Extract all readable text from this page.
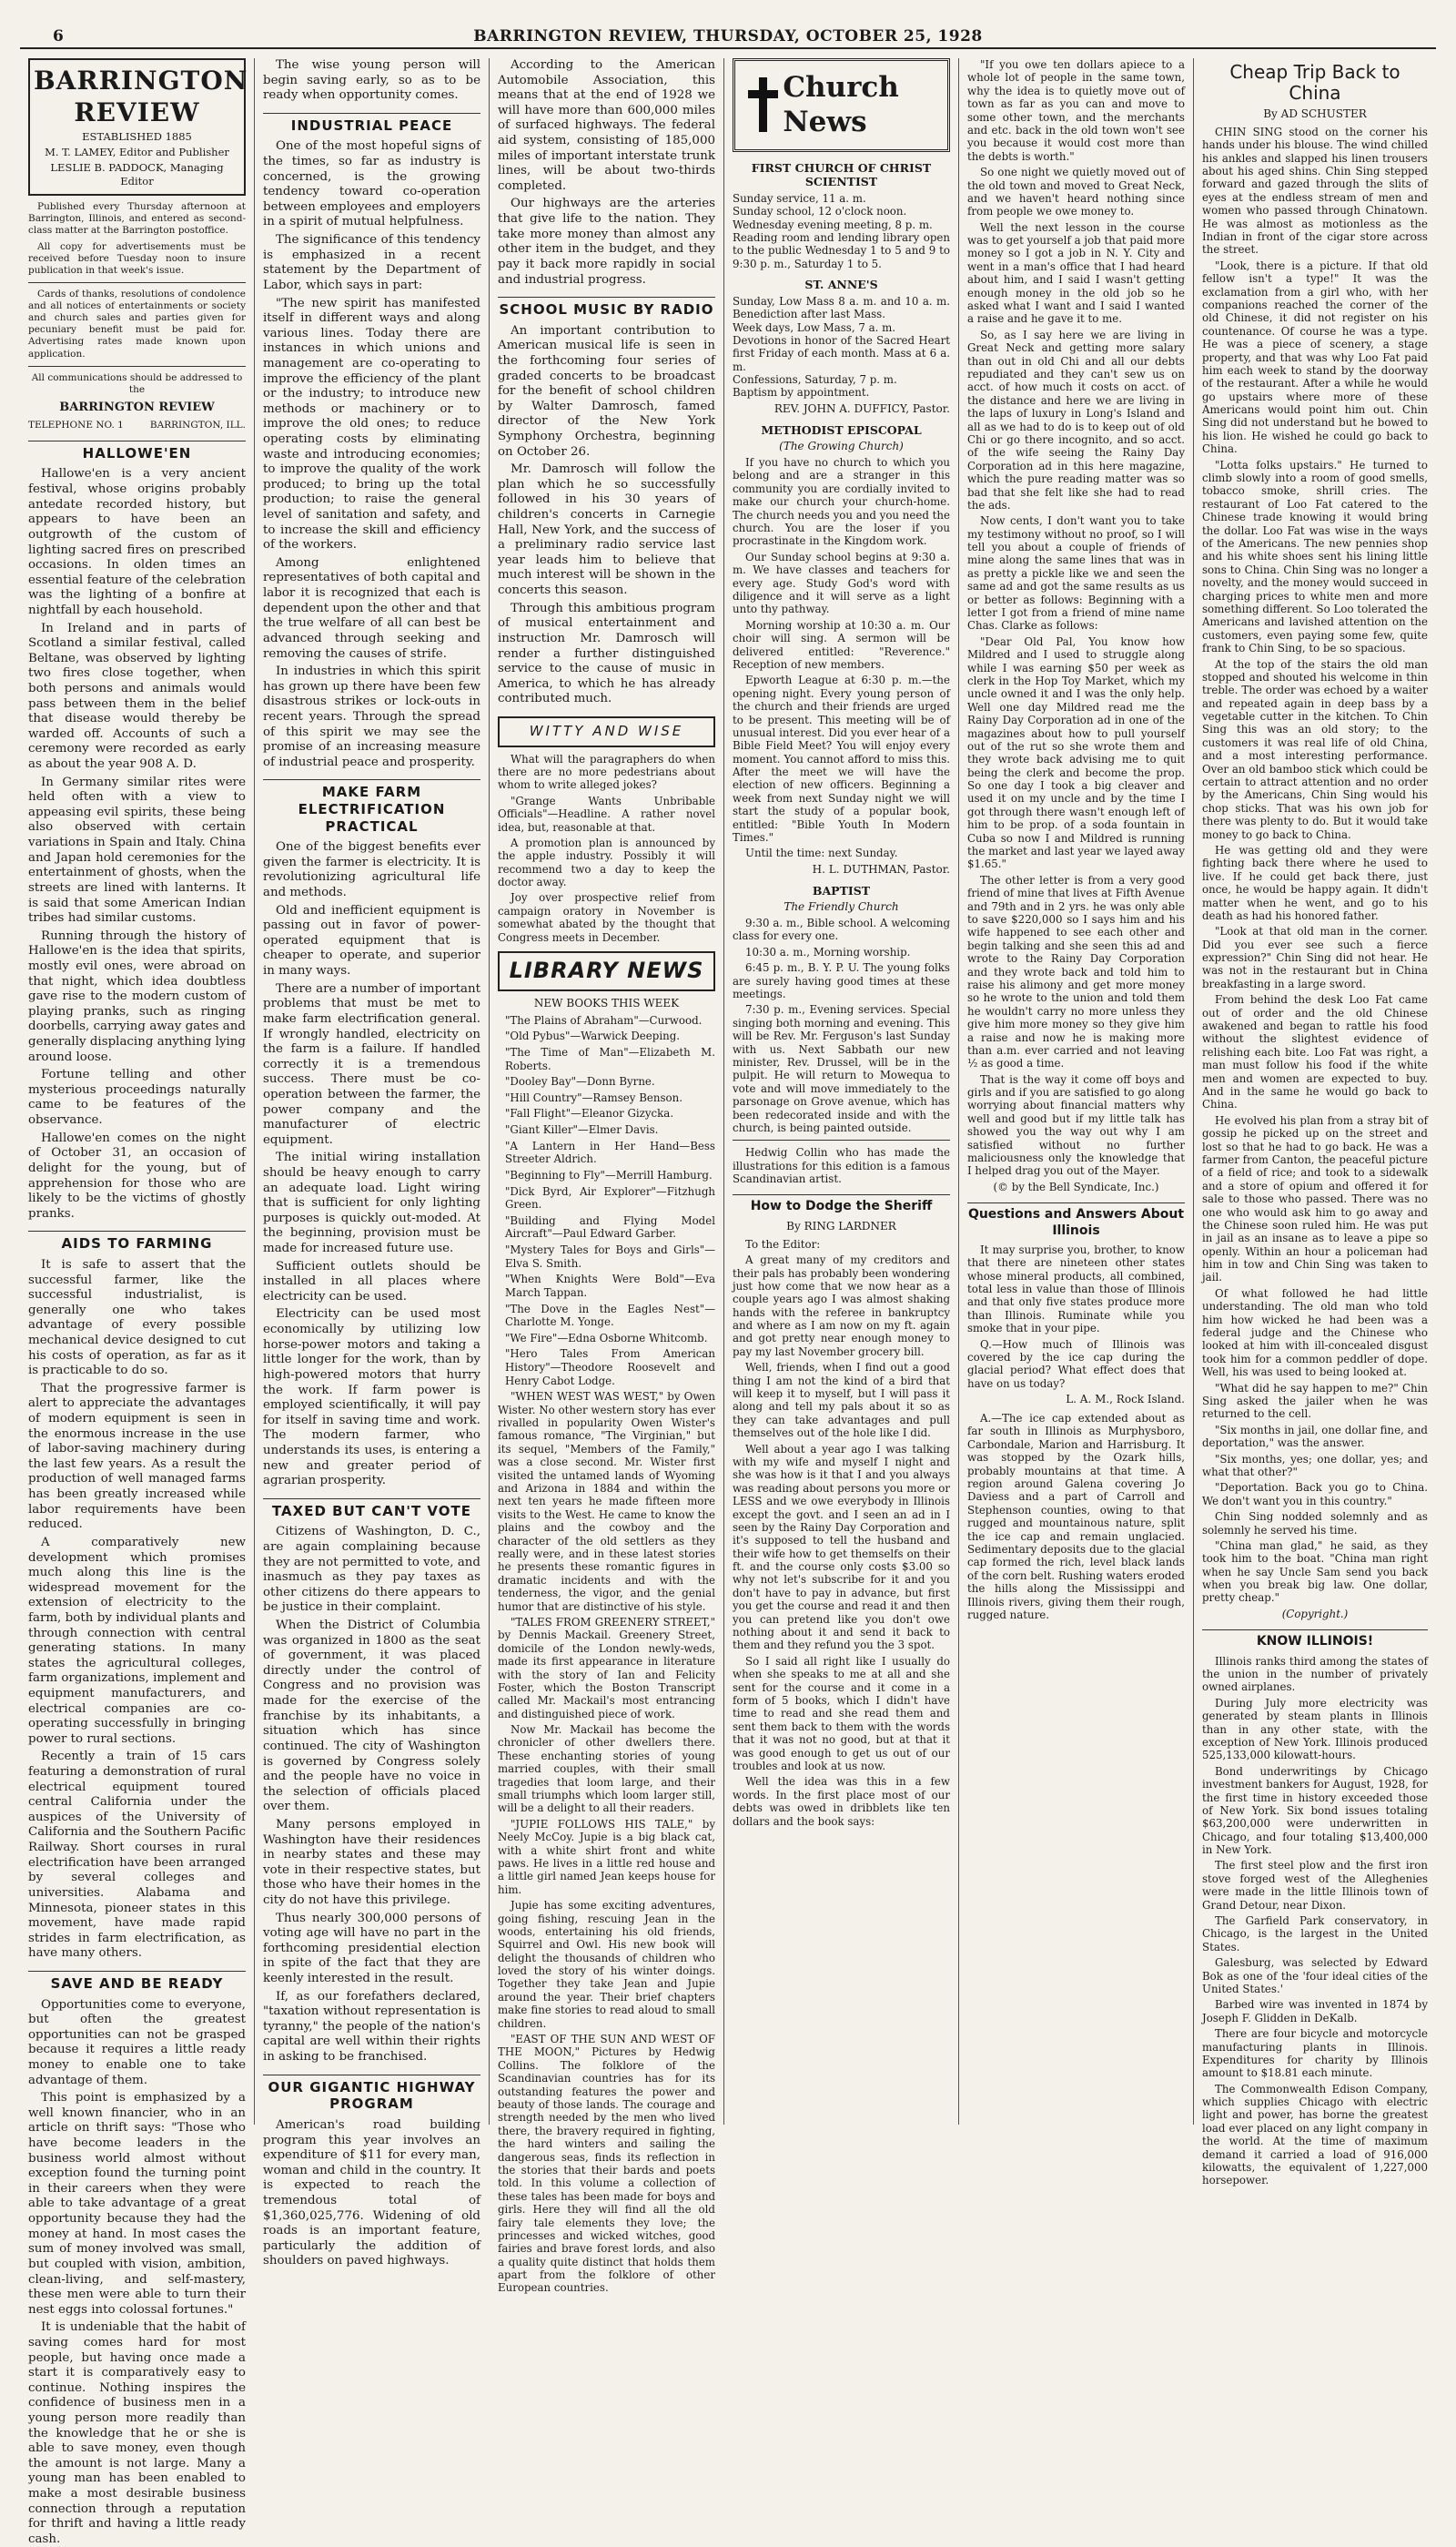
6	BARRINGTON REVIEW, THURSDAY, OCTOBER 25, 1928
BARRINGTON REVIEW
ESTABLISHED 1885
M. T. LAMEY, Editor and Publisher
LESLIE B. PADDOCK, Managing Editor

Published every Thursday afternoon at Barrington, Illinois, and entered as second-class matter at the Barrington postoffice.

All copy for advertisements must be received before Tuesday noon to insure publication in that week's issue.

Cards of thanks, resolutions of condolence and all notices of entertainments or society and church sales and parties given for pecuniary benefit must be paid for. Advertising rates made known upon application.

All communications should be addressed to the
BARRINGTON REVIEW
TELEPHONE NO. 1	BARRINGTON, ILL.
HALLOWE'EN

Hallowe'en is a very ancient festival, whose origins probably antedate recorded history, but appears to have been an outgrowth of the custom of lighting sacred fires on prescribed occasions. In olden times an essential feature of the celebration was the lighting of a bonfire at nightfall by each household.

In Ireland and in parts of Scotland a similar festival, called Beltane, was observed by lighting two fires close together, when both persons and animals would pass between them in the belief that disease would thereby be warded off. Accounts of such a ceremony were recorded as early as about the year 908 A. D.

In Germany similar rites were held often with a view to appeasing evil spirits, these being also observed with certain variations in Spain and Italy. China and Japan hold ceremonies for the entertainment of ghosts, when the streets are lined with lanterns. It is said that some American Indian tribes had similar customs.

Running through the history of Hallowe'en is the idea that spirits, mostly evil ones, were abroad on that night, which idea doubtless gave rise to the modern custom of playing pranks, such as ringing doorbells, carrying away gates and generally displacing anything lying around loose.

Fortune telling and other mysterious proceedings naturally came to be features of the observance.

Hallowe'en comes on the night of October 31, an occasion of delight for the young, but of apprehension for those who are likely to be the victims of ghostly pranks.

AIDS TO FARMING

It is safe to assert that the successful farmer, like the successful industrialist, is generally one who takes advantage of every possible mechanical device designed to cut his costs of operation, as far as it is practicable to do so.

That the progressive farmer is alert to appreciate the advantages of modern equipment is seen in the enormous increase in the use of labor-saving machinery during the last few years. As a result the production of well managed farms has been greatly increased while labor requirements have been reduced.

A comparatively new development which promises much along this line is the widespread movement for the extension of electricity to the farm, both by individual plants and through connection with central generating stations. In many states the agricultural colleges, farm organizations, implement and equipment manufacturers, and electrical companies are co-operating successfully in bringing power to rural sections.

Recently a train of 15 cars featuring a demonstration of rural electrical equipment toured central California under the auspices of the University of California and the Southern Pacific Railway. Short courses in rural electrification have been arranged by several colleges and universities. Alabama and Minnesota, pioneer states in this movement, have made rapid strides in farm electrification, as have many others.

SAVE AND BE READY

Opportunities come to everyone, but often the greatest opportunities can not be grasped because it requires a little ready money to enable one to take advantage of them.

This point is emphasized by a well known financier, who in an article on thrift says: "Those who have become leaders in the business world almost without exception found the turning point in their careers when they were able to take advantage of a great opportunity because they had the money at hand. In most cases the sum of money involved was small, but coupled with vision, ambition, clean-living, and self-mastery, these men were able to turn their nest eggs into colossal fortunes."

It is undeniable that the habit of saving comes hard for most people, but having once made a start it is comparatively easy to continue. Nothing inspires the confidence of business men in a young person more readily than the knowledge that he or she is able to save money, even though the amount is not large. Many a young man has been enabled to make a most desirable business connection through a reputation for thrift and having a little ready cash.

The wise young person will begin saving early, so as to be ready when opportunity comes.

INDUSTRIAL PEACE

One of the most hopeful signs of the times, so far as industry is concerned, is the growing tendency toward co-operation between employees and employers in a spirit of mutual helpfulness.

The significance of this tendency is emphasized in a recent statement by the Department of Labor, which says in part:

"The new spirit has manifested itself in different ways and along various lines. Today there are instances in which unions and management are co-operating to improve the efficiency of the plant or the industry; to introduce new methods or machinery or to improve the old ones; to reduce operating costs by eliminating waste and introducing economies; to improve the quality of the work produced; to bring up the total production; to raise the general level of sanitation and safety, and to increase the skill and efficiency of the workers.

Among enlightened representatives of both capital and labor it is recognized that each is dependent upon the other and that the true welfare of all can best be advanced through seeking and removing the causes of strife.

In industries in which this spirit has grown up there have been few disastrous strikes or lock-outs in recent years. Through the spread of this spirit we may see the promise of an increasing measure of industrial peace and prosperity.

MAKE FARM ELECTRIFICATION PRACTICAL

One of the biggest benefits ever given the farmer is electricity. It is revolutionizing agricultural life and methods.

Old and inefficient equipment is passing out in favor of power-operated equipment that is cheaper to operate, and superior in many ways.

There are a number of important problems that must be met to make farm electrification general. If wrongly handled, electricity on the farm is a failure. If handled correctly it is a tremendous success. There must be co-operation between the farmer, the power company and the manufacturer of electric equipment.

The initial wiring installation should be heavy enough to carry an adequate load. Light wiring that is sufficient for only lighting purposes is quickly out-moded. At the beginning, provision must be made for increased future use.

Sufficient outlets should be installed in all places where electricity can be used.

Electricity can be used most economically by utilizing low horse-power motors and taking a little longer for the work, than by high-powered motors that hurry the work. If farm power is employed scientifically, it will pay for itself in saving time and work. The modern farmer, who understands its uses, is entering a new and greater period of agrarian prosperity.

TAXED BUT CAN'T VOTE

Citizens of Washington, D. C., are again complaining because they are not permitted to vote, and inasmuch as they pay taxes as other citizens do there appears to be justice in their complaint.

When the District of Columbia was organized in 1800 as the seat of government, it was placed directly under the control of Congress and no provision was made for the exercise of the franchise by its inhabitants, a situation which has since continued. The city of Washington is governed by Congress solely and the people have no voice in the selection of officials placed over them.

Many persons employed in Washington have their residences in nearby states and these may vote in their respective states, but those who have their homes in the city do not have this privilege.

Thus nearly 300,000 persons of voting age will have no part in the forthcoming presidential election in spite of the fact that they are keenly interested in the result.

If, as our forefathers declared, "taxation without representation is tyranny," the people of the nation's capital are well within their rights in asking to be franchised.

OUR GIGANTIC HIGHWAY PROGRAM

American's road building program this year involves an expenditure of $11 for every man, woman and child in the country. It is expected to reach the tremendous total of $1,360,025,776. Widening of old roads is an important feature, particularly the addition of shoulders on paved highways.

According to the American Automobile Association, this means that at the end of 1928 we will have more than 600,000 miles of surfaced highways. The federal aid system, consisting of 185,000 miles of important interstate trunk lines, will be about two-thirds completed.

Our highways are the arteries that give life to the nation. They take more money than almost any other item in the budget, and they pay it back more rapidly in social and industrial progress.

SCHOOL MUSIC BY RADIO

An important contribution to American musical life is seen in the forthcoming four series of graded concerts to be broadcast for the benefit of school children by Walter Damrosch, famed director of the New York Symphony Orchestra, beginning on October 26.

Mr. Damrosch will follow the plan which he so successfully followed in his 30 years of children's concerts in Carnegie Hall, New York, and the success of a preliminary radio service last year leads him to believe that much interest will be shown in the concerts this season.

Through this ambitious program of musical entertainment and instruction Mr. Damrosch will render a further distinguished service to the cause of music in America, to which he has already contributed much.

WITTY AND WISE

What will the paragraphers do when there are no more pedestrians about whom to write alleged jokes?

"Grange Wants Unbribable Officials"—Headline. A rather novel idea, but, reasonable at that.

A promotion plan is announced by the apple industry. Possibly it will recommend two a day to keep the doctor away.

Joy over prospective relief from campaign oratory in November is somewhat abated by the thought that Congress meets in December.

LIBRARY NEWS
NEW BOOKS THIS WEEK

"The Plains of Abraham"—Curwood.

"Old Pybus"—Warwick Deeping.

"The Time of Man"—Elizabeth M. Roberts.

"Dooley Bay"—Donn Byrne.

"Hill Country"—Ramsey Benson.

"Fall Flight"—Eleanor Gizycka.

"Giant Killer"—Elmer Davis.

"A Lantern in Her Hand—Bess Streeter Aldrich.

"Beginning to Fly"—Merrill Hamburg.

"Dick Byrd, Air Explorer"—Fitzhugh Green.

"Building and Flying Model Aircraft"—Paul Edward Garber.

"Mystery Tales for Boys and Girls"—Elva S. Smith.

"When Knights Were Bold"—Eva March Tappan.

"The Dove in the Eagles Nest"—Charlotte M. Yonge.

"We Fire"—Edna Osborne Whitcomb.

"Hero Tales From American History"—Theodore Roosevelt and Henry Cabot Lodge.

"WHEN WEST WAS WEST," by Owen Wister. No other western story has ever rivalled in popularity Owen Wister's famous romance, "The Virginian," but its sequel, "Members of the Family," was a close second. Mr. Wister first visited the untamed lands of Wyoming and Arizona in 1884 and within the next ten years he made fifteen more visits to the West. He came to know the plains and the cowboy and the character of the old settlers as they really were, and in these latest stories he presents these romantic figures in dramatic incidents and with the tenderness, the vigor, and the genial humor that are distinctive of his style.

"TALES FROM GREENERY STREET," by Dennis Mackail. Greenery Street, domicile of the London newly-weds, made its first appearance in literature with the story of Ian and Felicity Foster, which the Boston Transcript called Mr. Mackail's most entrancing and distinguished piece of work.

Now Mr. Mackail has become the chronicler of other dwellers there. These enchanting stories of young married couples, with their small tragedies that loom large, and their small triumphs which loom larger still, will be a delight to all their readers.

"JUPIE FOLLOWS HIS TALE," by Neely McCoy. Jupie is a big black cat, with a white shirt front and white paws. He lives in a little red house and a little girl named Jean keeps house for him.

Jupie has some exciting adventures, going fishing, rescuing Jean in the woods, entertaining his old friends, Squirrel and Owl. His new book will delight the thousands of children who loved the story of his winter doings. Together they take Jean and Jupie around the year. Their brief chapters make fine stories to read aloud to small children.

"EAST OF THE SUN AND WEST OF THE MOON," Pictures by Hedwig Collins. The folklore of the Scandinavian countries has for its outstanding features the power and beauty of those lands. The courage and strength needed by the men who lived there, the bravery required in fighting, the hard winters and sailing the dangerous seas, finds its reflection in the stories that their bards and poets told. In this volume a collection of these tales has been made for boys and girls. Here they will find all the old fairy tale elements they love; the princesses and wicked witches, good fairies and brave forest lords, and also a quality quite distinct that holds them apart from the folklore of other European countries.

Church News
FIRST CHURCH OF CHRIST SCIENTIST

Sunday service, 11 a. m.
Sunday school, 12 o'clock noon.
Wednesday evening meeting, 8 p. m.
Reading room and lending library open to the public Wednesday 1 to 5 and 9 to 9:30 p. m., Saturday 1 to 5.

ST. ANNE'S

Sunday, Low Mass 8 a. m. and 10 a. m. Benediction after last Mass.
Week days, Low Mass, 7 a. m.
Devotions in honor of the Sacred Heart first Friday of each month. Mass at 6 a. m.
Confessions, Saturday, 7 p. m.
Baptism by appointment.

REV. JOHN A. DUFFICY, Pastor.
METHODIST EPISCOPAL
(The Growing Church)

If you have no church to which you belong and are a stranger in this community you are cordially invited to make our church your church-home. The church needs you and you need the church. You are the loser if you procrastinate in the Kingdom work.

Our Sunday school begins at 9:30 a. m. We have classes and teachers for every age. Study God's word with diligence and it will serve as a light unto thy pathway.

Morning worship at 10:30 a. m. Our choir will sing. A sermon will be delivered entitled: "Reverence." Reception of new members.

Epworth League at 6:30 p. m.—the opening night. Every young person of the church and their friends are urged to be present. This meeting will be of unusual interest. Did you ever hear of a Bible Field Meet? You will enjoy every moment. You cannot afford to miss this. After the meet we will have the election of new officers. Beginning a week from next Sunday night we will start the study of a popular book, entitled: "Bible Youth In Modern Times."

Until the time: next Sunday.

H. L. DUTHMAN, Pastor.
BAPTIST
The Friendly Church

9:30 a. m., Bible school. A welcoming class for every one.

10:30 a. m., Morning worship.

6:45 p. m., B. Y. P. U. The young folks are surely having good times at these meetings.

7:30 p. m., Evening services. Special singing both morning and evening. This will be Rev. Mr. Ferguson's last Sunday with us. Next Sabbath our new minister, Rev. Drussel, will be in the pulpit. He will return to Mowequa to vote and will move immediately to the parsonage on Grove avenue, which has been redecorated inside and with the church, is being painted outside.

Hedwig Collin who has made the illustrations for this edition is a famous Scandinavian artist.

How to Dodge the Sheriff
By RING LARDNER

To the Editor:

A great many of my creditors and their pals has probably been wondering just how come that we now hear as a couple years ago I was almost shaking hands with the referee in bankruptcy and where as I am now on my ft. again and got pretty near enough money to pay my last November grocery bill.

Well, friends, when I find out a good thing I am not the kind of a bird that will keep it to myself, but I will pass it along and tell my pals about it so as they can take advantages and pull themselves out of the hole like I did.

Well about a year ago I was talking with my wife and myself I night and she was how is it that I and you always was reading about persons you more or LESS and we owe everybody in Illinois except the govt. and I seen an ad in I seen by the Rainy Day Corporation and it's supposed to tell the husband and their wife how to get themselfs on their ft. and the course only costs $3.00 so why not let's subscribe for it and you don't have to pay in advance, but first you get the course and read it and then you can pretend like you don't owe nothing about it and send it back to them and they refund you the 3 spot.

So I said all right like I usually do when she speaks to me at all and she sent for the course and it come in a form of 5 books, which I didn't have time to read and she read them and sent them back to them with the words that it was not no good, but at that it was good enough to get us out of our troubles and look at us now.

Well the idea was this in a few words. In the first place most of our debts was owed in dribblets like ten dollars and the book says:

"If you owe ten dollars apiece to a whole lot of people in the same town, why the idea is to quietly move out of town as far as you can and move to some other town, and the merchants and etc. back in the old town won't see you because it would cost more than the debts is worth."

So one night we quietly moved out of the old town and moved to Great Neck, and we haven't heard nothing since from people we owe money to.

Well the next lesson in the course was to get yourself a job that paid more money so I got a job in N. Y. City and went in a man's office that I had heard about him, and I said I wasn't getting enough money in the old job so he asked what I want and I said I wanted a raise and he gave it to me.

So, as I say here we are living in Great Neck and getting more salary than out in old Chi and all our debts repudiated and they can't sew us on acct. of how much it costs on acct. of the distance and here we are living in the laps of luxury in Long's Island and all as we had to do is to keep out of old Chi or go there incognito, and so acct. of the wife seeing the Rainy Day Corporation ad in this here magazine, which the pure reading matter was so bad that she felt like she had to read the ads.

Now cents, I don't want you to take my testimony without no proof, so I will tell you about a couple of friends of mine along the same lines that was in as pretty a pickle like we and seen the same ad and got the same results as us or better as follows: Beginning with a letter I got from a friend of mine name Chas. Clarke as follows:

"Dear Old Pal, You know how Mildred and I used to struggle along while I was earning $50 per week as clerk in the Hop Toy Market, which my uncle owned it and I was the only help. Well one day Mildred read me the Rainy Day Corporation ad in one of the magazines about how to pull yourself out of the rut so she wrote them and they wrote back advising me to quit being the clerk and become the prop. So one day I took a big cleaver and used it on my uncle and by the time I got through there wasn't enough left of him to be prop. of a soda fountain in Cuba so now I and Mildred is running the market and last year we layed away $1.65."

The other letter is from a very good friend of mine that lives at Fifth Avenue and 79th and in 2 yrs. he was only able to save $220,000 so I says him and his wife happened to see each other and begin talking and she seen this ad and wrote to the Rainy Day Corporation and they wrote back and told him to raise his alimony and get more money so he wrote to the union and told them he wouldn't carry no more unless they give him more money so they give him a raise and now he is making more than a.m. ever carried and not leaving ½ as good a time.

That is the way it come off boys and girls and if you are satisfied to go along worrying about financial matters why well and good but if my little talk has showed you the way out why I am satisfied without no further maliciousness only the knowledge that I helped drag you out of the Mayer.

(© by the Bell Syndicate, Inc.)

Questions and Answers About Illinois

It may surprise you, brother, to know that there are nineteen other states whose mineral products, all combined, total less in value than those of Illinois and that only five states produce more than Illinois. Ruminate while you smoke that in your pipe.

Q.—How much of Illinois was covered by the ice cap during the glacial period? What effect does that have on us today?

L. A. M., Rock Island.

A.—The ice cap extended about as far south in Illinois as Murphysboro, Carbondale, Marion and Harrisburg. It was stopped by the Ozark hills, probably mountains at that time. A region around Galena covering Jo Daviess and a part of Carroll and Stephenson counties, owing to that rugged and mountainous nature, split the ice cap and remain unglacied. Sedimentary deposits due to the glacial cap formed the rich, level black lands of the corn belt. Rushing waters eroded the hills along the Mississippi and Illinois rivers, giving them their rough, rugged nature.

Cheap Trip Back to China
By AD SCHUSTER

CHIN SING stood on the corner his hands under his blouse. The wind chilled his ankles and slapped his linen trousers about his aged shins. Chin Sing stepped forward and gazed through the slits of eyes at the endless stream of men and women who passed through Chinatown. He was almost as motionless as the Indian in front of the cigar store across the street.

"Look, there is a picture. If that old fellow isn't a type!" It was the exclamation from a girl who, with her companions reached the corner of the old Chinese, it did not register on his countenance. Of course he was a type. He was a piece of scenery, a stage property, and that was why Loo Fat paid him each week to stand by the doorway of the restaurant. After a while he would go upstairs where more of these Americans would point him out. Chin Sing did not understand but he bowed to his lion. He wished he could go back to China.

"Lotta folks upstairs." He turned to climb slowly into a room of good smells, tobacco smoke, shrill cries. The restaurant of Loo Fat catered to the Chinese trade knowing it would bring the dollar. Loo Fat was wise in the ways of the Americans. The new pennies shop and his white shoes sent his lining little sons to China. Chin Sing was no longer a novelty, and the money would succeed in charging prices to white men and more something different. So Loo tolerated the Americans and lavished attention on the customers, even paying some few, quite frank to Chin Sing, to be so spacious.

At the top of the stairs the old man stopped and shouted his welcome in thin treble. The order was echoed by a waiter and repeated again in deep bass by a vegetable cutter in the kitchen. To Chin Sing this was an old story; to the customers it was real life of old China, and a most interesting performance. Over an old bamboo stick which could be certain to attract attention and no order by the Americans, Chin Sing would his chop sticks. That was his own job for there was plenty to do. But it would take money to go back to China.

He was getting old and they were fighting back there where he used to live. If he could get back there, just once, he would be happy again. It didn't matter when he went, and go to his death as had his honored father.

"Look at that old man in the corner. Did you ever see such a fierce expression?" Chin Sing did not hear. He was not in the restaurant but in China breakfasting in a large sword.

From behind the desk Loo Fat came out of order and the old Chinese awakened and began to rattle his food without the slightest evidence of relishing each bite. Loo Fat was right, a man must follow his food if the white men and women are expected to buy. And in the same he would go back to China.

He evolved his plan from a stray bit of gossip he picked up on the street and lost so that he had to go back. He was a farmer from Canton, the peaceful picture of a field of rice; and took to a sidewalk and a store of opium and offered it for sale to those who passed. There was no one who would ask him to go away and the Chinese soon ruled him. He was put in jail as an insane as to leave a pipe so openly. Within an hour a policeman had him in tow and Chin Sing was taken to jail.

Of what followed he had little understanding. The old man who told him how wicked he had been was a federal judge and the Chinese who looked at him with ill-concealed disgust took him for a common peddler of dope. Well, his was used to being looked at.

"What did he say happen to me?" Chin Sing asked the jailer when he was returned to the cell.

"Six months in jail, one dollar fine, and deportation," was the answer.

"Six months, yes; one dollar, yes; and what that other?"

"Deportation. Back you go to China. We don't want you in this country."

Chin Sing nodded solemnly and as solemnly he served his time.

"China man glad," he said, as they took him to the boat. "China man right when he say Uncle Sam send you back when you break big law. One dollar, pretty cheap."

(Copyright.)

KNOW ILLINOIS!

Illinois ranks third among the states of the union in the number of privately owned airplanes.

During July more electricity was generated by steam plants in Illinois than in any other state, with the exception of New York. Illinois produced 525,133,000 kilowatt-hours.

Bond underwritings by Chicago investment bankers for August, 1928, for the first time in history exceeded those of New York. Six bond issues totaling $63,200,000 were underwritten in Chicago, and four totaling $13,400,000 in New York.

The first steel plow and the first iron stove forged west of the Alleghenies were made in the little Illinois town of Grand Detour, near Dixon.

The Garfield Park conservatory, in Chicago, is the largest in the United States.

Galesburg, was selected by Edward Bok as one of the 'four ideal cities of the United States.'

Barbed wire was invented in 1874 by Joseph F. Glidden in DeKalb.

There are four bicycle and motorcycle manufacturing plants in Illinois. Expenditures for charity by Illinois amount to $18.81 each minute.

The Commonwealth Edison Company, which supplies Chicago with electric light and power, has borne the greatest load ever placed on any light company in the world. At the time of maximum demand it carried a load of 916,000 kilowatts, the equivalent of 1,227,000 horsepower.
